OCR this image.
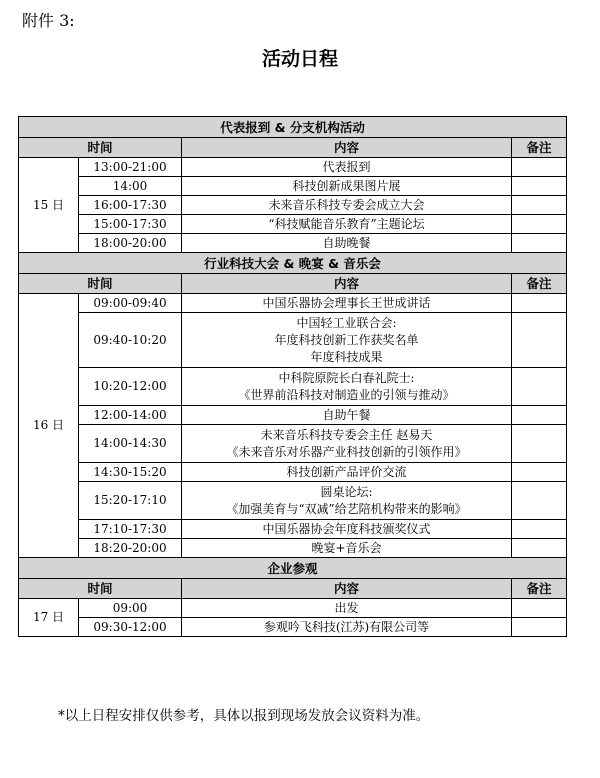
附件 3:
活动日程
代表报到 & 分支机构活动			
时间		内容	备注
15 日	13:00-21:00	代表报到	

	14:00	科技创新成果图片展	

	16:00-17:30	未来音乐科技专委会成立大会	

	15:00-17:30	“科技赋能音乐教育”主题论坛	

	18:00-20:00	自助晚餐	

行业科技大会 & 晚宴 & 音乐会			
时间		内容	备注
16 日	09:00-09:40	中国乐器协会理事长王世成讲话	

	09:40-10:20	中国轻工业联合会:
年度科技创新工作获奖名单
年度科技成果	

	10:20-12:00	中科院原院长白春礼院士:
《世界前沿科技对制造业的引领与推动》	

	12:00-14:00	自助午餐	

	14:00-14:30	未来音乐科技专委会主任 赵易天
《未来音乐对乐器产业科技创新的引领作用》	

	14:30-15:20	科技创新产品评价交流	

	15:20-17:10	圆桌论坛:
《加强美育与“双减”给艺陪机构带来的影响》	

	17:10-17:30	中国乐器协会年度科技颁奖仪式	

	18:20-20:00	晚宴+音乐会	

企业参观			
时间		内容	备注
17 日	09:00	出发	

	09:30-12:00	参观吟飞科技(江苏)有限公司等	

*以上日程安排仅供参考，具体以报到现场发放会议资料为准。
